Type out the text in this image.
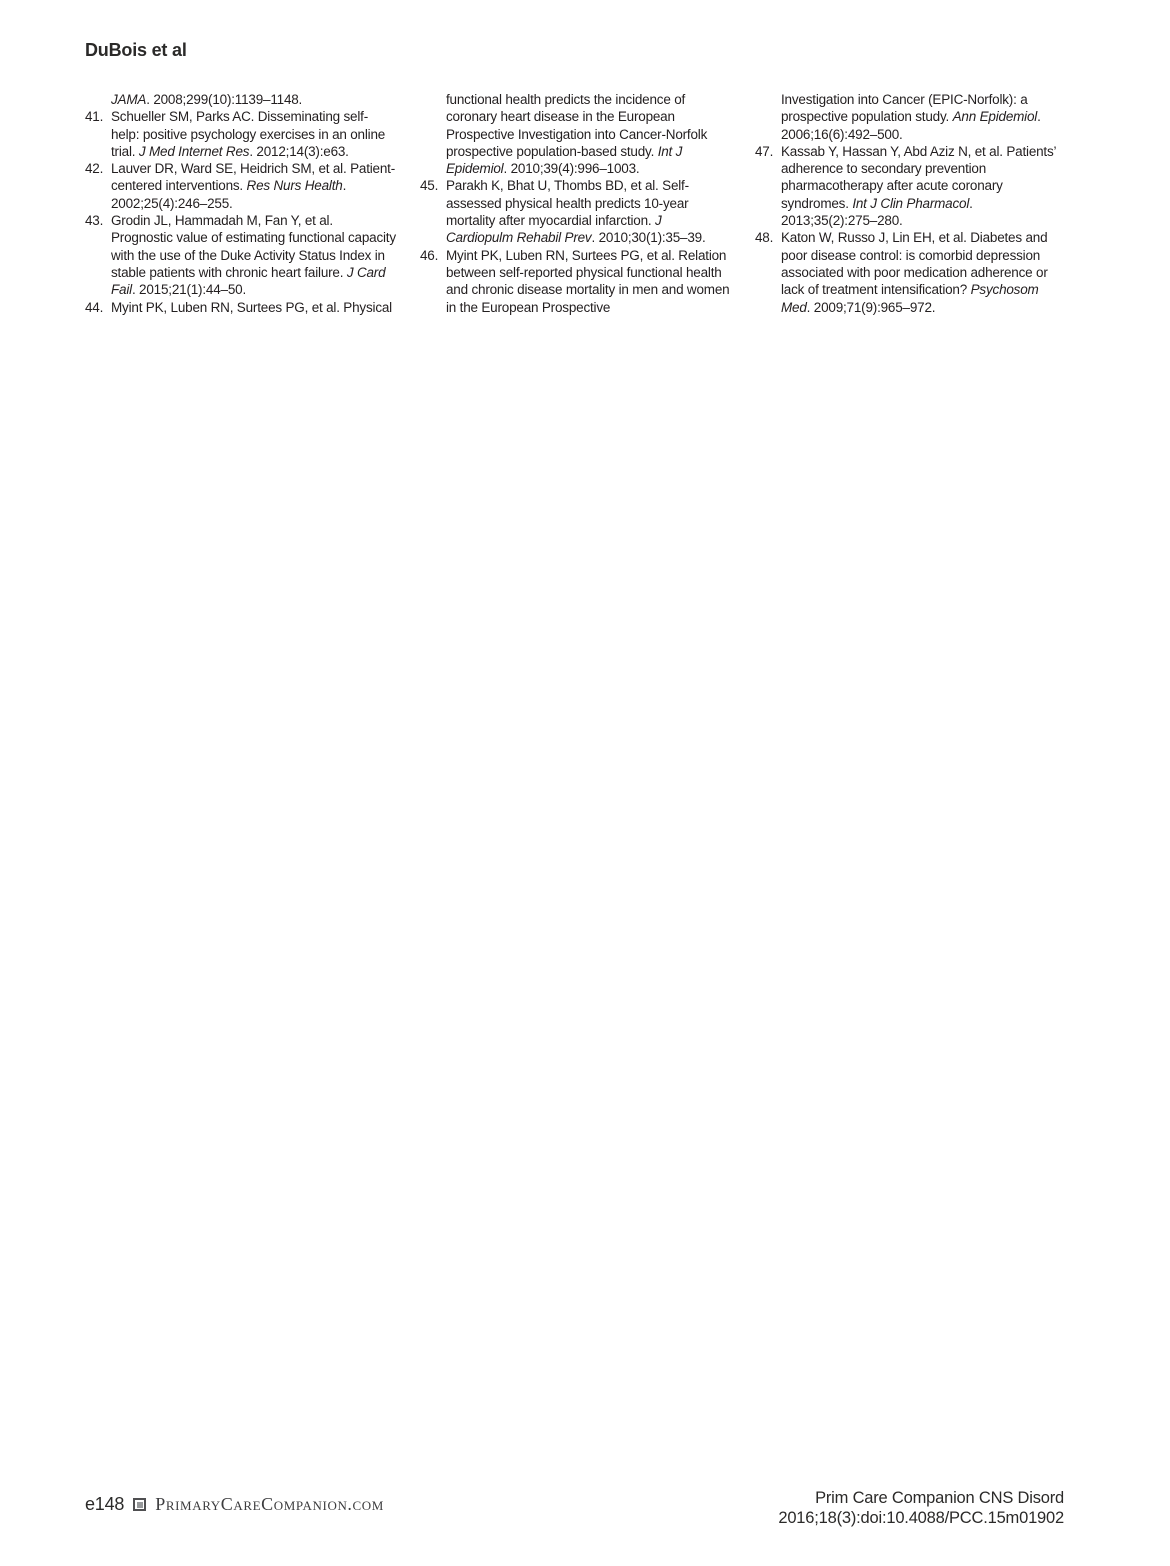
DuBois et al
JAMA. 2008;299(10):1139–1148.
41. Schueller SM, Parks AC. Disseminating self-help: positive psychology exercises in an online trial. J Med Internet Res. 2012;14(3):e63.
42. Lauver DR, Ward SE, Heidrich SM, et al. Patient-centered interventions. Res Nurs Health. 2002;25(4):246–255.
43. Grodin JL, Hammadah M, Fan Y, et al. Prognostic value of estimating functional capacity with the use of the Duke Activity Status Index in stable patients with chronic heart failure. J Card Fail. 2015;21(1):44–50.
44. Myint PK, Luben RN, Surtees PG, et al. Physical
functional health predicts the incidence of coronary heart disease in the European Prospective Investigation into Cancer-Norfolk prospective population-based study. Int J Epidemiol. 2010;39(4):996–1003.
45. Parakh K, Bhat U, Thombs BD, et al. Self-assessed physical health predicts 10-year mortality after myocardial infarction. J Cardiopulm Rehabil Prev. 2010;30(1):35–39.
46. Myint PK, Luben RN, Surtees PG, et al. Relation between self-reported physical functional health and chronic disease mortality in men and women in the European Prospective
Investigation into Cancer (EPIC-Norfolk): a prospective population study. Ann Epidemiol. 2006;16(6):492–500.
47. Kassab Y, Hassan Y, Abd Aziz N, et al. Patients’ adherence to secondary prevention pharmacotherapy after acute coronary syndromes. Int J Clin Pharmacol. 2013;35(2):275–280.
48. Katon W, Russo J, Lin EH, et al. Diabetes and poor disease control: is comorbid depression associated with poor medication adherence or lack of treatment intensification? Psychosom Med. 2009;71(9):965–972.
e148 PrimaryCareCompanion.com	Prim Care Companion CNS Disord
2016;18(3):doi:10.4088/PCC.15m01902
